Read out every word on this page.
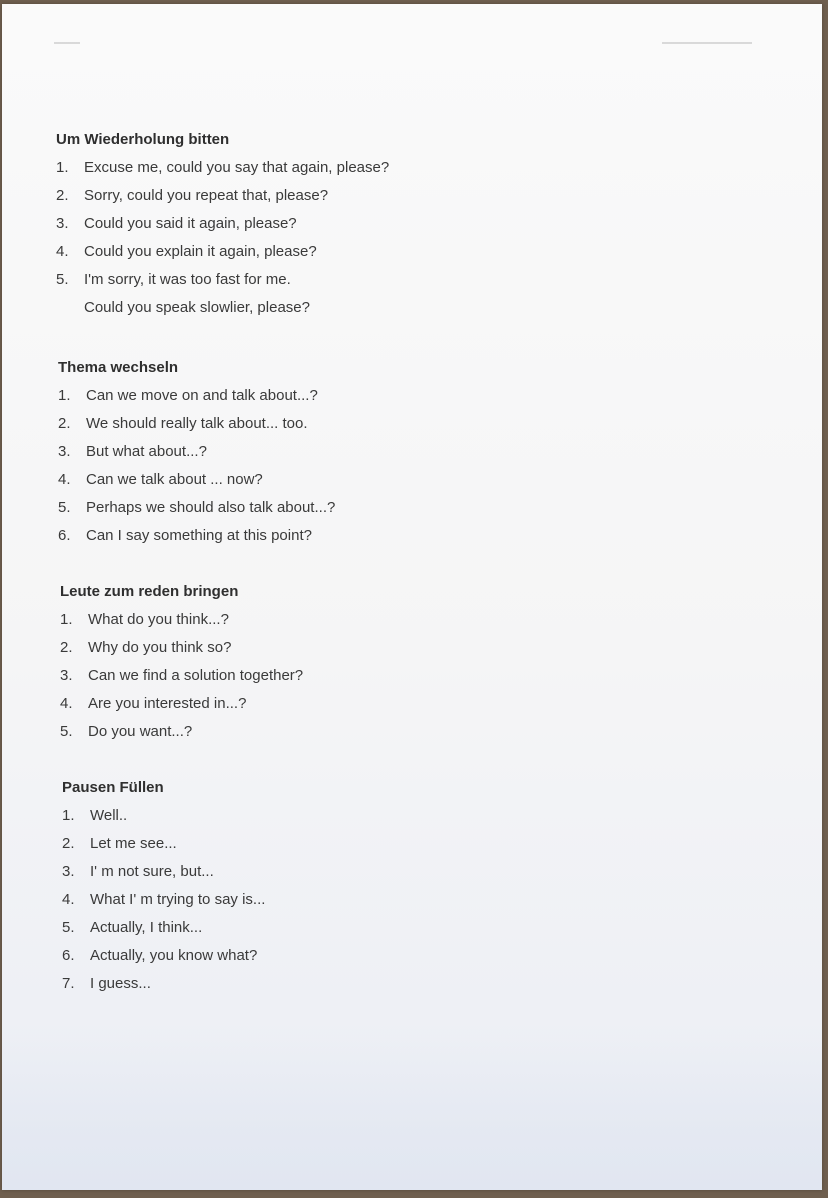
Um Wiederholung bitten
1.	Excuse me, could you say that again, please?
2.	Sorry, could you repeat that, please?
3.	Could you said it again, please?
4.	Could you explain it again, please?
5.	I'm sorry, it was too fast for me.
Could you speak slowlier, please?
Thema wechseln
1.	Can we move on and talk about...?
2.	We should really talk about... too.
3.	But what about...?
4.	Can we talk about ... now?
5.	Perhaps we should also talk about...?
6.	Can I say something at this point?
Leute zum reden bringen
1.	What do you think...?
2.	Why do you think so?
3.	Can we find a solution together?
4.	Are you interested in...?
5.	Do you want...?
Pausen Füllen
1.	Well..
2.	Let me see...
3.	I' m not sure, but...
4.	What I' m trying to say is...
5.	Actually, I think...
6.	Actually, you know what?
7.	I guess...
